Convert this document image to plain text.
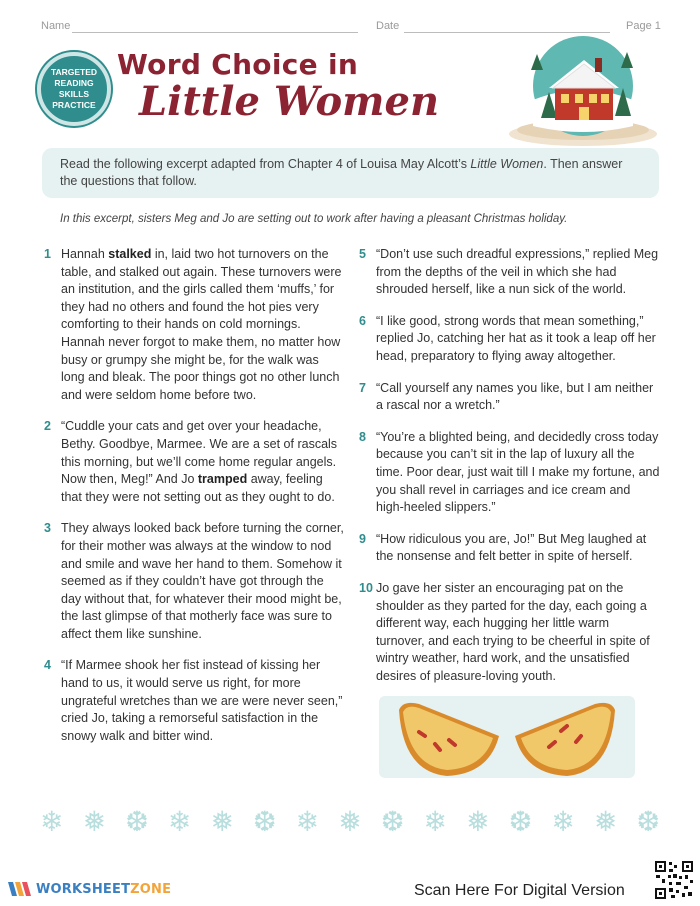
Name	Date	Page 1
TARGETED
READING SKILLS
PRACTICE
Word Choice in
Little Women
Read the following excerpt adapted from Chapter 4 of Louisa May Alcott’s Little Women. Then answer the questions that follow.
In this excerpt, sisters Meg and Jo are setting out to work after having a pleasant Christmas holiday.
1 Hannah stalked in, laid two hot turnovers on the table, and stalked out again. These turnovers were an institution, and the girls called them ‘muffs,’ for they had no others and found the hot pies very comforting to their hands on cold mornings. Hannah never forgot to make them, no matter how busy or grumpy she might be, for the walk was long and bleak. The poor things got no other lunch and were seldom home before two.
2 “Cuddle your cats and get over your headache, Bethy. Goodbye, Marmee. We are a set of rascals this morning, but we’ll come home regular angels. Now then, Meg!” And Jo tramped away, feeling that they were not setting out as they ought to do.
3 They always looked back before turning the corner, for their mother was always at the window to nod and smile and wave her hand to them. Somehow it seemed as if they couldn’t have got through the day without that, for whatever their mood might be, the last glimpse of that motherly face was sure to affect them like sunshine.
4 “If Marmee shook her fist instead of kissing her hand to us, it would serve us right, for more ungrateful wretches than we are were never seen,” cried Jo, taking a remorseful satisfaction in the snowy walk and bitter wind.
5 “Don’t use such dreadful expressions,” replied Meg from the depths of the veil in which she had shrouded herself, like a nun sick of the world.
6 “I like good, strong words that mean something,” replied Jo, catching her hat as it took a leap off her head, preparatory to flying away altogether.
7 “Call yourself any names you like, but I am neither a rascal nor a wretch.”
8 “You’re a blighted being, and decidedly cross today because you can’t sit in the lap of luxury all the time. Poor dear, just wait till I make my fortune, and you shall revel in carriages and ice cream and high-heeled slippers.”
9 “How ridiculous you are, Jo!” But Meg laughed at the nonsense and felt better in spite of herself.
10 Jo gave her sister an encouraging pat on the shoulder as they parted for the day, each going a different way, each hugging her little warm turnover, and each trying to be cheerful in spite of wintry weather, hard work, and the unsatisfied desires of pleasure-loving youth.
❄ ❅ ❆ ❄ ❅ ❆ ❄ ❅ ❆ ❄ ❅ ❆ ❄ ❅ ❆
WORKSHEETZONE	Scan Here For Digital Version
